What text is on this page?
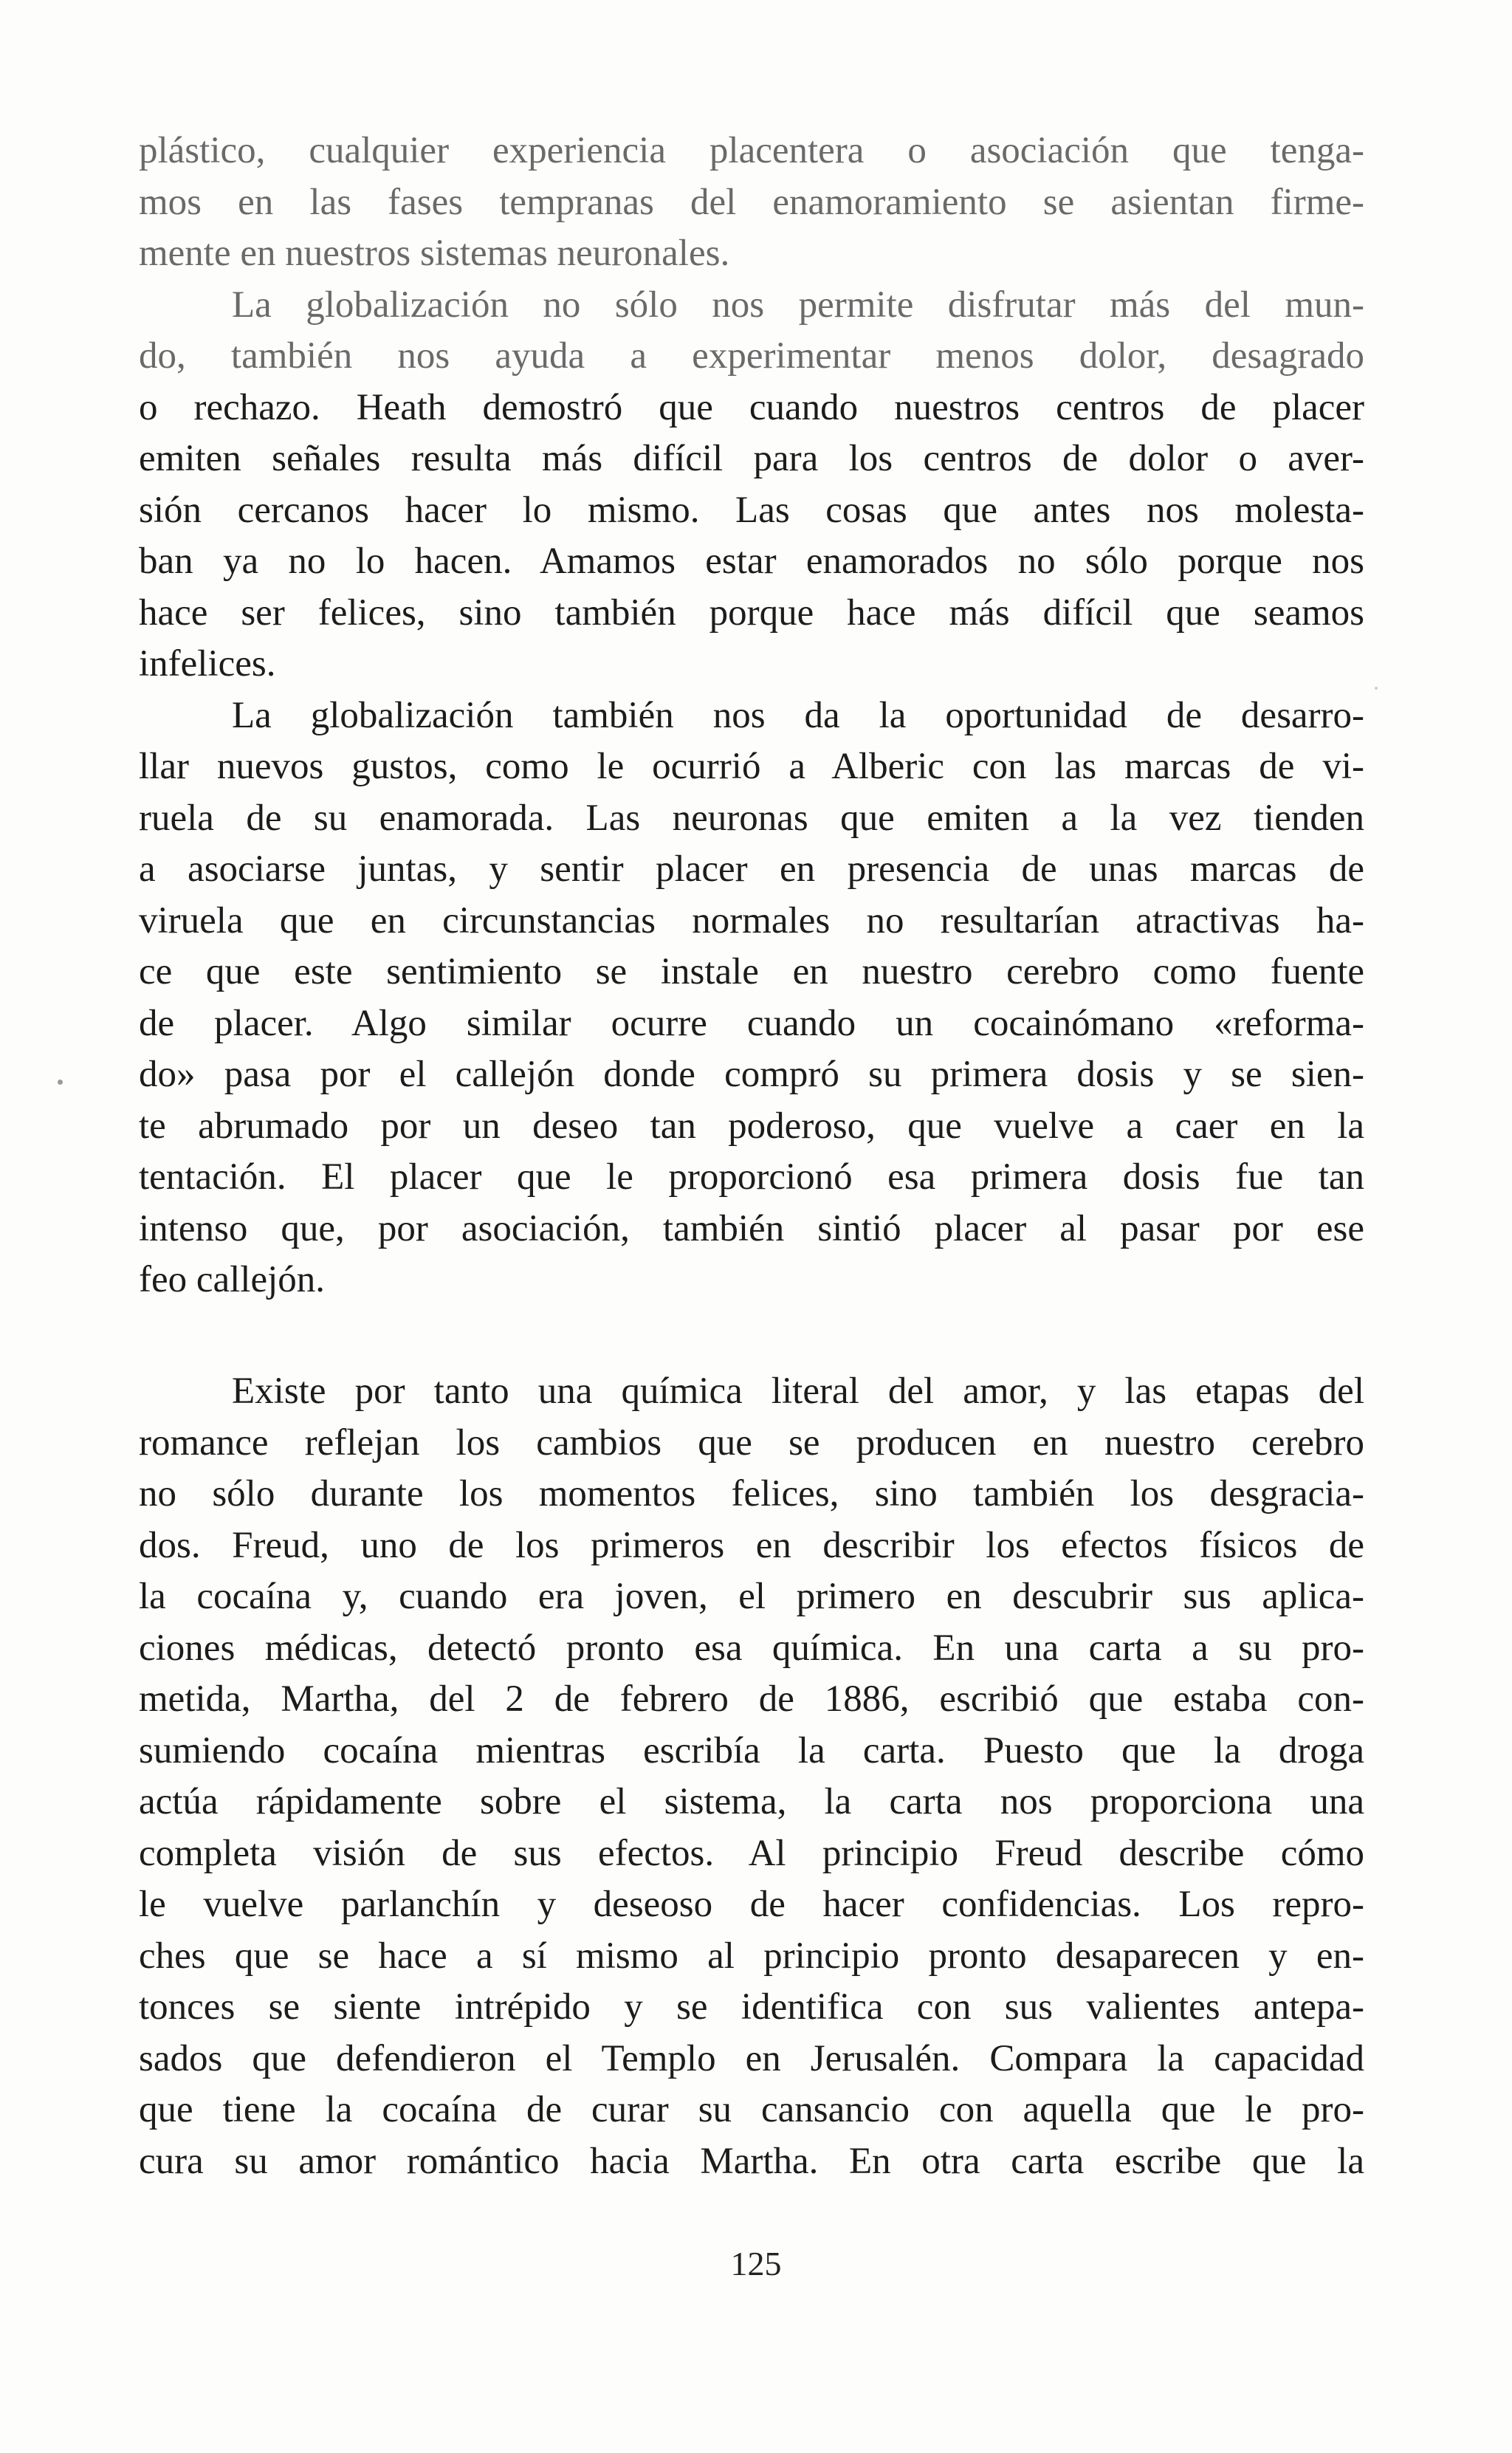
plástico, cualquier experiencia placentera o asociación que tenga-
mos en las fases tempranas del enamoramiento se asientan firme-
mente en nuestros sistemas neuronales.
La globalización no sólo nos permite disfrutar más del mun-
do, también nos ayuda a experimentar menos dolor, desagrado
o rechazo. Heath demostró que cuando nuestros centros de placer
emiten señales resulta más difícil para los centros de dolor o aver-
sión cercanos hacer lo mismo. Las cosas que antes nos molesta-
ban ya no lo hacen. Amamos estar enamorados no sólo porque nos
hace ser felices, sino también porque hace más difícil que seamos
infelices.
La globalización también nos da la oportunidad de desarro-
llar nuevos gustos, como le ocurrió a Alberic con las marcas de vi-
ruela de su enamorada. Las neuronas que emiten a la vez tienden
a asociarse juntas, y sentir placer en presencia de unas marcas de
viruela que en circunstancias normales no resultarían atractivas ha-
ce que este sentimiento se instale en nuestro cerebro como fuente
de placer. Algo similar ocurre cuando un cocainómano «reforma-
do» pasa por el callejón donde compró su primera dosis y se sien-
te abrumado por un deseo tan poderoso, que vuelve a caer en la
tentación. El placer que le proporcionó esa primera dosis fue tan
intenso que, por asociación, también sintió placer al pasar por ese
feo callejón.
Existe por tanto una química literal del amor, y las etapas del
romance reflejan los cambios que se producen en nuestro cerebro
no sólo durante los momentos felices, sino también los desgracia-
dos. Freud, uno de los primeros en describir los efectos físicos de
la cocaína y, cuando era joven, el primero en descubrir sus aplica-
ciones médicas, detectó pronto esa química. En una carta a su pro-
metida, Martha, del 2 de febrero de 1886, escribió que estaba con-
sumiendo cocaína mientras escribía la carta. Puesto que la droga
actúa rápidamente sobre el sistema, la carta nos proporciona una
completa visión de sus efectos. Al principio Freud describe cómo
le vuelve parlanchín y deseoso de hacer confidencias. Los repro-
ches que se hace a sí mismo al principio pronto desaparecen y en-
tonces se siente intrépido y se identifica con sus valientes antepa-
sados que defendieron el Templo en Jerusalén. Compara la capacidad
que tiene la cocaína de curar su cansancio con aquella que le pro-
cura su amor romántico hacia Martha. En otra carta escribe que la
125
